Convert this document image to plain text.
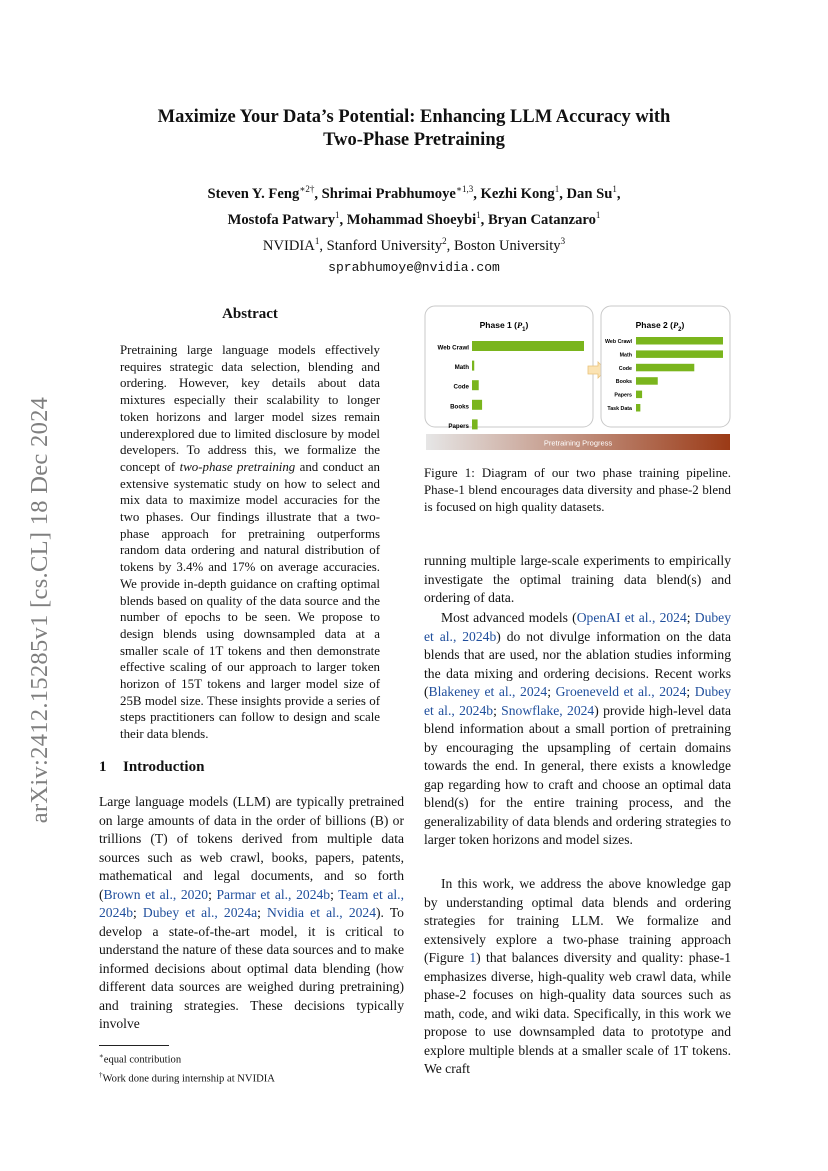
arXiv:2412.15285v1 [cs.CL] 18 Dec 2024
Maximize Your Data’s Potential: Enhancing LLM Accuracy with Two-Phase Pretraining
Steven Y. Feng$^{∗2\dagger}$, Shrimai Prabhumoye$^{∗1,3}$, Kezhi Kong$^1$, Dan Su$^1$,
Mostofa Patwary$^1$, Mohammad Shoeybi$^1$, Bryan Catanzaro$^1$
NVIDIA$^1$, Stanford University$^2$, Boston University$^3$
sprabhumoye@nvidia.com
Abstract
Pretraining large language models effectively requires strategic data selection, blending and ordering. However, key details about data mixtures especially their scalability to longer token horizons and larger model sizes remain underexplored due to limited disclosure by model developers. To address this, we formalize the concept of two-phase pretraining and conduct an extensive systematic study on how to select and mix data to maximize model accuracies for the two phases. Our findings illustrate that a two-phase approach for pretraining outperforms random data ordering and natural distribution of tokens by 3.4% and 17% on average accuracies. We provide in-depth guidance on crafting optimal blends based on quality of the data source and the number of epochs to be seen. We propose to design blends using downsampled data at a smaller scale of 1T tokens and then demonstrate effective scaling of our approach to larger token horizon of 15T tokens and larger model size of 25B model size. These insights provide a series of steps practitioners can follow to design and scale their data blends.
1 Introduction
Large language models (LLM) are typically pretrained on large amounts of data in the order of billions (B) or trillions (T) of tokens derived from multiple data sources such as web crawl, books, papers, patents, mathematical and legal documents, and so forth (Brown et al., 2020; Parmar et al., 2024b; Team et al., 2024b; Dubey et al., 2024a; Nvidia et al., 2024). To develop a state-of-the-art model, it is critical to understand the nature of these data sources and to make informed decisions about optimal data blending (how different data sources are weighed during pretraining) and training strategies. These decisions typically involve
∗equal contribution
†Work done during internship at NVIDIA
Phase 1 $(P_1)$
Web Crawl
Math
Code
Books
Papers
Phase 2 $(P_2)$
Web Crawl
Math
Code
Books
Papers
Task Data
Pretraining Progress
Figure 1: Diagram of our two phase training pipeline. Phase-1 blend encourages data diversity and phase-2 blend is focused on high quality datasets.
running multiple large-scale experiments to empirically investigate the optimal training data blend(s) and ordering of data.
Most advanced models (OpenAI et al., 2024; Dubey et al., 2024b) do not divulge information on the data blends that are used, nor the ablation studies informing the data mixing and ordering decisions. Recent works (Blakeney et al., 2024; Groeneveld et al., 2024; Dubey et al., 2024b; Snowflake, 2024) provide high-level data blend information about a small portion of pretraining by encouraging the upsampling of certain domains towards the end. In general, there exists a knowledge gap regarding how to craft and choose an optimal data blend(s) for the entire training process, and the generalizability of data blends and ordering strategies to larger token horizons and model sizes.
In this work, we address the above knowledge gap by understanding optimal data blends and ordering strategies for training LLM. We formalize and extensively explore a two-phase training approach (Figure 1) that balances diversity and quality: phase-1 emphasizes diverse, high-quality web crawl data, while phase-2 focuses on high-quality data sources such as math, code, and wiki data. Specifically, in this work we propose to use downsampled data to prototype and explore multiple blends at a smaller scale of 1T tokens. We craft
